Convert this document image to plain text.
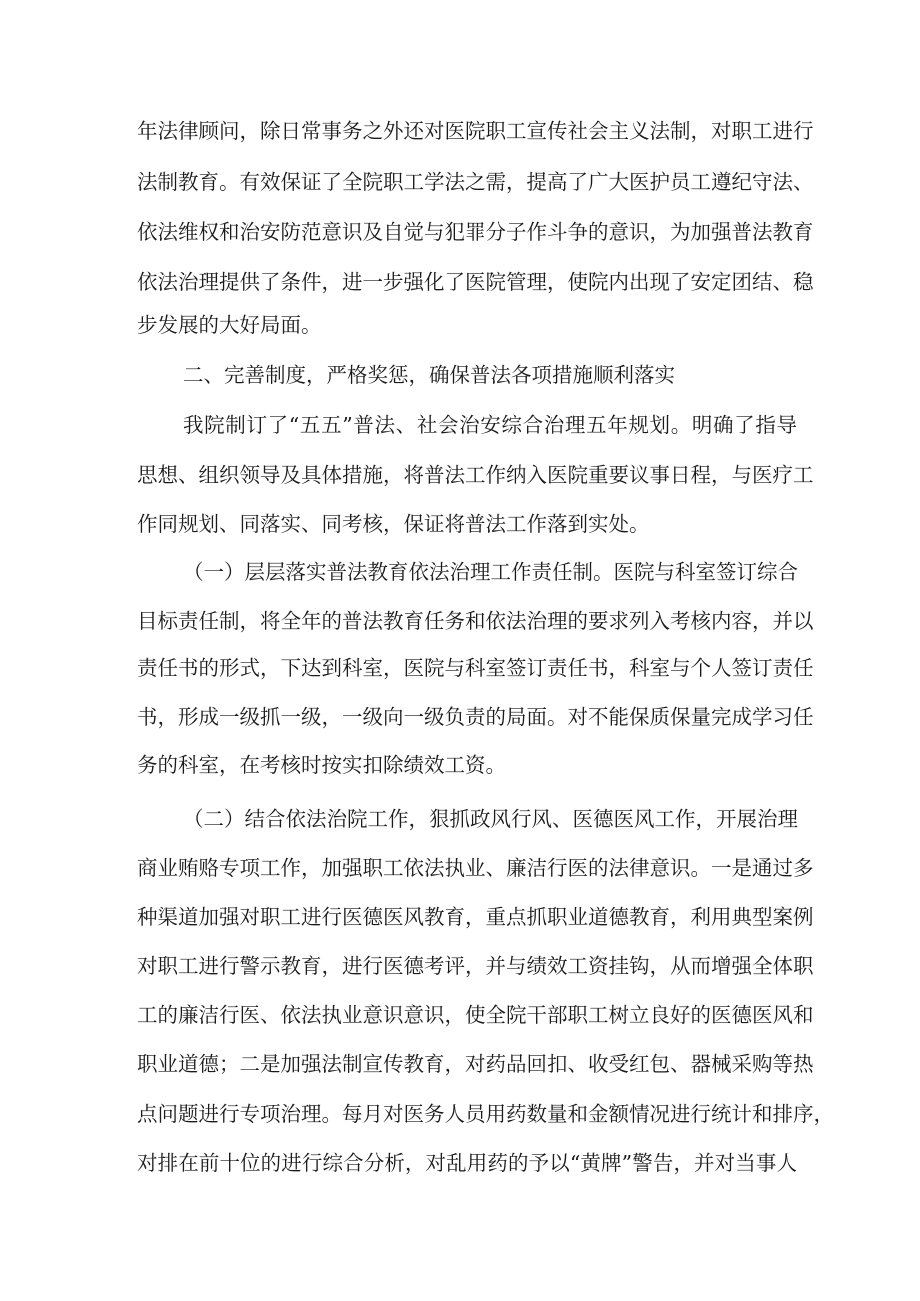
年法律顾问，除日常事务之外还对医院职工宣传社会主义法制，对职工进行
法制教育。有效保证了全院职工学法之需，提高了广大医护员工遵纪守法、
依法维权和治安防范意识及自觉与犯罪分子作斗争的意识，为加强普法教育
依法治理提供了条件，进一步强化了医院管理，使院内出现了安定团结、稳
步发展的大好局面。
二、完善制度，严格奖惩，确保普法各项措施顺利落实
我院制订了“五五”普法、社会治安综合治理五年规划。明确了指导
思想、组织领导及具体措施，将普法工作纳入医院重要议事日程，与医疗工
作同规划、同落实、同考核，保证将普法工作落到实处。
（一）层层落实普法教育依法治理工作责任制。医院与科室签订综合
目标责任制，将全年的普法教育任务和依法治理的要求列入考核内容，并以
责任书的形式，下达到科室，医院与科室签订责任书，科室与个人签订责任
书，形成一级抓一级，一级向一级负责的局面。对不能保质保量完成学习任
务的科室，在考核时按实扣除绩效工资。
（二）结合依法治院工作，狠抓政风行风、医德医风工作，开展治理
商业贿赂专项工作，加强职工依法执业、廉洁行医的法律意识。一是通过多
种渠道加强对职工进行医德医风教育，重点抓职业道德教育，利用典型案例
对职工进行警示教育，进行医德考评，并与绩效工资挂钩，从而增强全体职
工的廉洁行医、依法执业意识意识，使全院干部职工树立良好的医德医风和
职业道德；二是加强法制宣传教育，对药品回扣、收受红包、器械采购等热
点问题进行专项治理。每月对医务人员用药数量和金额情况进行统计和排序，
对排在前十位的进行综合分析，对乱用药的予以“黄牌”警告，并对当事人
